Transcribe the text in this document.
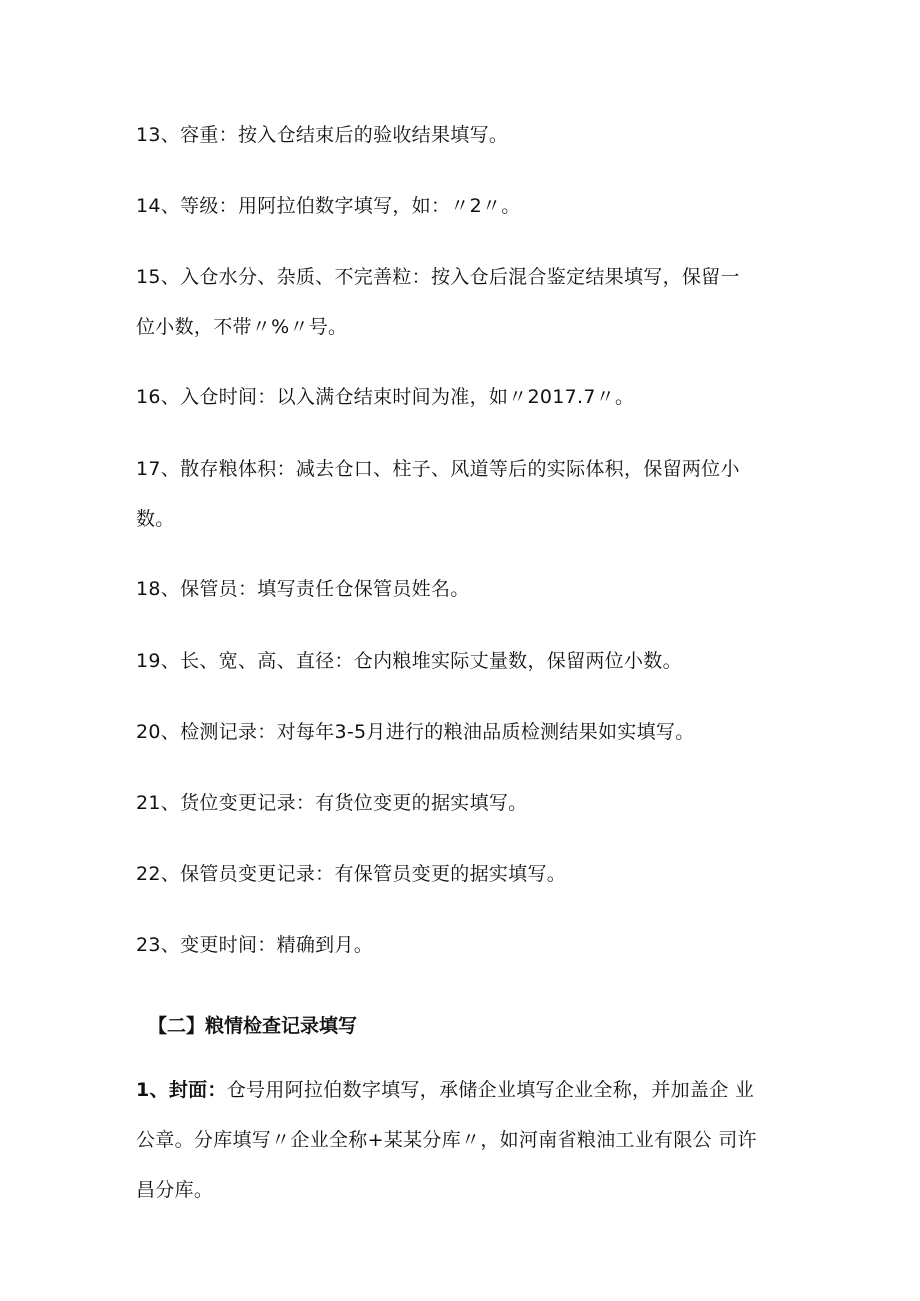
13、容重：按入仓结束后的验收结果填写。
14、等级：用阿拉伯数字填写，如：〃2〃。
15、入仓水分、杂质、不完善粒：按入仓后混合鉴定结果填写，保留一
位小数，不带〃%〃号。
16、入仓时间：以入满仓结束时间为准，如〃2017.7〃。
17、散存粮体积：减去仓口、柱子、风道等后的实际体积，保留两位小
数。
18、保管员：填写责任仓保管员姓名。
19、长、宽、高、直径：仓内粮堆实际丈量数，保留两位小数。
20、检测记录：对每年3-5月进行的粮油品质检测结果如实填写。
21、货位变更记录：有货位变更的据实填写。
22、保管员变更记录：有保管员变更的据实填写。
23、变更时间：精确到月。
【二】粮情检查记录填写
1、封面：仓号用阿拉伯数字填写，承储企业填写企业全称，并加盖企 业
公章。分库填写〃企业全称+某某分库〃，如河南省粮油工业有限公 司许
昌分库。
